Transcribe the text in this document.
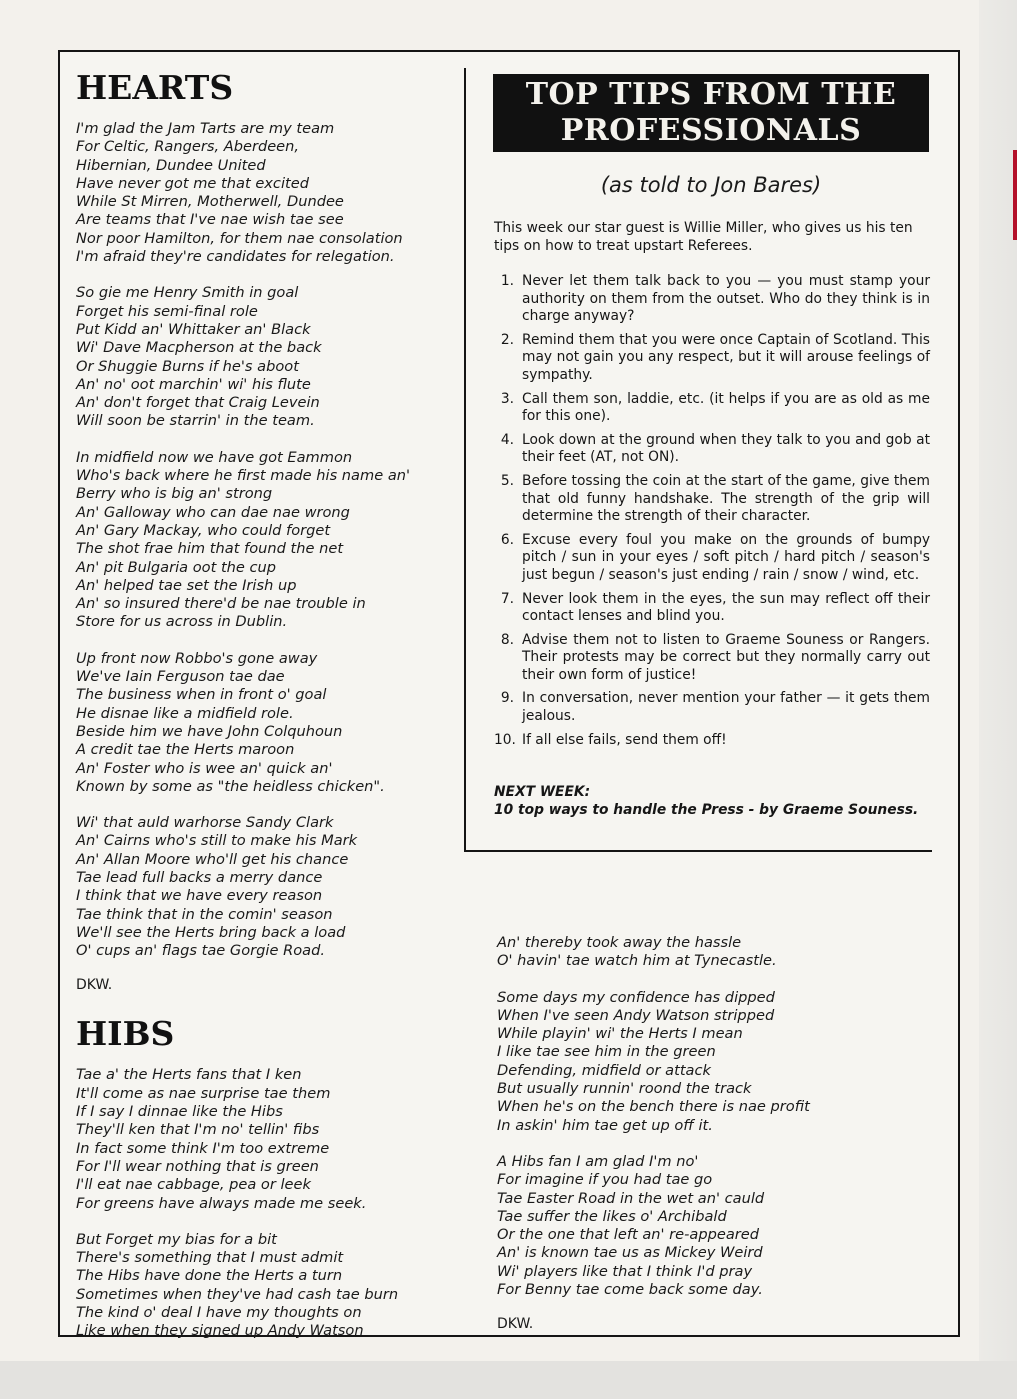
HEARTS
I'm glad the Jam Tarts are my team
For Celtic, Rangers, Aberdeen,
Hibernian, Dundee United
Have never got me that excited
While St Mirren, Motherwell, Dundee
Are teams that I've nae wish tae see
Nor poor Hamilton, for them nae consolation
I'm afraid they're candidates for relegation.
So gie me Henry Smith in goal
Forget his semi-final role
Put Kidd an' Whittaker an' Black
Wi' Dave Macpherson at the back
Or Shuggie Burns if he's aboot
An' no' oot marchin' wi' his flute
An' don't forget that Craig Levein
Will soon be starrin' in the team.
In midfield now we have got Eammon
Who's back where he first made his name an'
Berry who is big an' strong
An' Galloway who can dae nae wrong
An' Gary Mackay, who could forget
The shot frae him that found the net
An' pit Bulgaria oot the cup
An' helped tae set the Irish up
An' so insured there'd be nae trouble in
Store for us across in Dublin.
Up front now Robbo's gone away
We've Iain Ferguson tae dae
The business when in front o' goal
He disnae like a midfield role.
Beside him we have John Colquhoun
A credit tae the Herts maroon
An' Foster who is wee an' quick an'
Known by some as "the heidless chicken".
Wi' that auld warhorse Sandy Clark
An' Cairns who's still to make his Mark
An' Allan Moore who'll get his chance
Tae lead full backs a merry dance
I think that we have every reason
Tae think that in the comin' season
We'll see the Herts bring back a load
O' cups an' flags tae Gorgie Road.
DKW.
HIBS
Tae a' the Herts fans that I ken
It'll come as nae surprise tae them
If I say I dinnae like the Hibs
They'll ken that I'm no' tellin' fibs
In fact some think I'm too extreme
For I'll wear nothing that is green
I'll eat nae cabbage, pea or leek
For greens have always made me seek.
But Forget my bias for a bit
There's something that I must admit
The Hibs have done the Herts a turn
Sometimes when they've had cash tae burn
The kind o' deal I have my thoughts on
Like when they signed up Andy Watson
TOP TIPS FROM THE
PROFESSIONALS
(as told to Jon Bares)
This week our star guest is Willie Miller, who gives us his ten tips on how to treat upstart Referees.
1. Never let them talk back to you — you must stamp your authority on them from the outset. Who do they think is in charge anyway?
2. Remind them that you were once Captain of Scotland. This may not gain you any respect, but it will arouse feelings of sympathy.
3. Call them son, laddie, etc. (it helps if you are as old as me for this one).
4. Look down at the ground when they talk to you and gob at their feet (AT, not ON).
5. Before tossing the coin at the start of the game, give them that old funny handshake. The strength of the grip will determine the strength of their character.
6. Excuse every foul you make on the grounds of bumpy pitch / sun in your eyes / soft pitch / hard pitch / season's just begun / season's just ending / rain / snow / wind, etc.
7. Never look them in the eyes, the sun may reflect off their contact lenses and blind you.
8. Advise them not to listen to Graeme Souness or Rangers. Their protests may be correct but they normally carry out their own form of justice!
9. In conversation, never mention your father — it gets them jealous.
10. If all else fails, send them off!
NEXT WEEK:
10 top ways to handle the Press - by Graeme Souness.
An' thereby took away the hassle
O' havin' tae watch him at Tynecastle.
Some days my confidence has dipped
When I've seen Andy Watson stripped
While playin' wi' the Herts I mean
I like tae see him in the green
Defending, midfield or attack
But usually runnin' roond the track
When he's on the bench there is nae profit
In askin' him tae get up off it.
A Hibs fan I am glad I'm no'
For imagine if you had tae go
Tae Easter Road in the wet an' cauld
Tae suffer the likes o' Archibald
Or the one that left an' re-appeared
An' is known tae us as Mickey Weird
Wi' players like that I think I'd pray
For Benny tae come back some day.
DKW.
